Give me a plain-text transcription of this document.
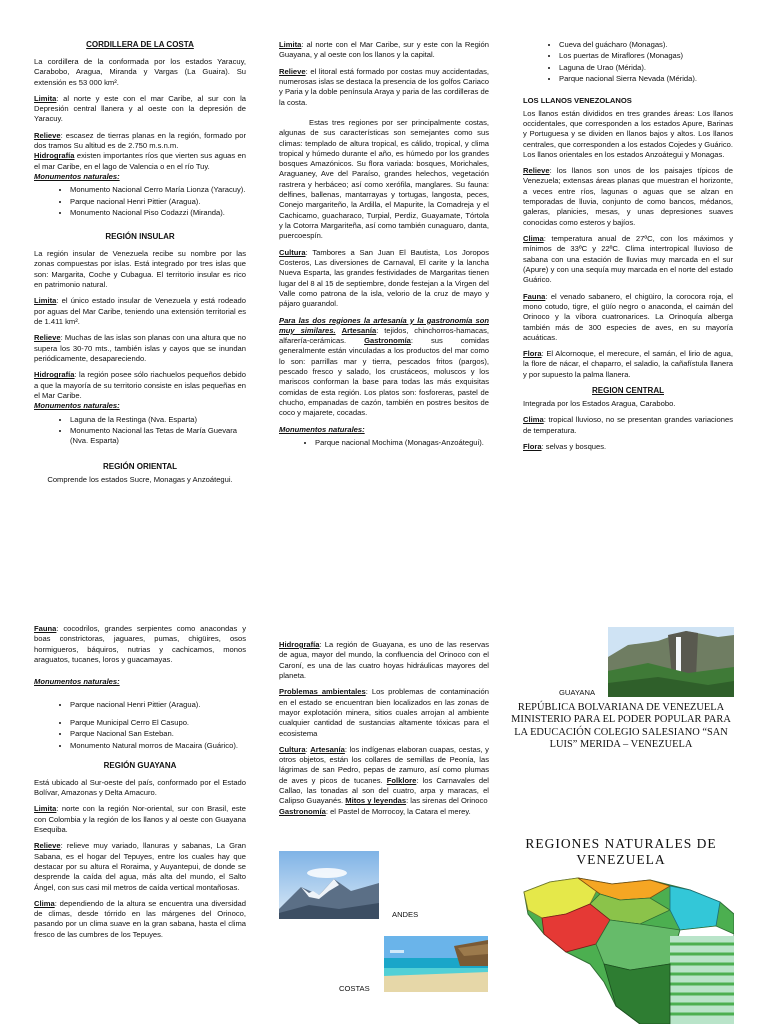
CORDILLERA DE LA COSTA

La cordillera de la conformada por los estados Yaracuy, Carabobo, Aragua, Miranda y Vargas (La Guaira). Su extensión es 53 000 km².

Limita: al norte y este con el mar Caribe, al sur con la Depresión central llanera y al oeste con la depresión de Yaracuy.

Relieve: escasez de tierras planas en la región, formado por dos tramos Su altitud es de 2.750 m.s.n.m.

Hidrografía existen importantes ríos que vierten sus aguas en el mar Caribe, en el lago de Valencia o en el río Tuy.

Monumentos naturales:
• Monumento Nacional Cerro María Lionza (Yaracuy).
• Parque nacional Henri Pittier (Aragua).
• Monumento Nacional Piso Codazzi (Miranda).
REGIÓN INSULAR

La región insular de Venezuela recibe su nombre por las zonas compuestas por islas. Está integrado por tres islas que son: Margarita, Coche y Cubagua. El territorio insular es rico en patrimonio natural.

Limita: el único estado insular de Venezuela y está rodeado por aguas del Mar Caribe, teniendo una extensión territorial es de 1.411 km².

Relieve: Muchas de las islas son planas con una altura que no supera los 30-70 mts., también islas y cayos que se inundan periódicamente, desapareciendo.

Hidrografía: la región posee sólo riachuelos pequeños debido a que la mayoría de su territorio consiste en islas pequeñas en el Mar Caribe.

Monumentos naturales:
• Laguna de la Restinga (Nva. Esparta)
• Monumento Nacional las Tetas de María Guevara (Nva. Esparta)
REGIÓN ORIENTAL

Comprende los estados Sucre, Monagas y Anzoátegui.

Limita: al norte con el Mar Caribe, sur y este con la Región Guayana, y al oeste con los llanos y la capital.

Relieve: el litoral está formado por costas muy accidentadas, numerosas islas se destaca la presencia de los golfos Cariaco y Paria y la doble península Araya y paria de las cordilleras de la costa.

Estas tres regiones por ser principalmente costas, algunas de sus características son semejantes como sus climas: templado de altura tropical, es cálido, tropical, y clima tropical y húmedo durante el año, es húmedo por los grandes bosques Amazónicos. Su flora variada: bosques, Morichales, Araguaney, Ave del Paraíso, grandes helechos, vegetación rastrera y herbáceo; así como xerófila, manglares. Su fauna: delfines, ballenas, mantarrayas y tortugas, langosta, peces, Conejo margariteño, la Ardilla, el Mapurite, la Comadreja y el Cachicamo, guacharaco, Turpial, Perdiz, Guayamate, Tórtola y la Cotorra Margariteña, así como también cunaguaro, danta, puercoespín.

Cultura: Tambores a San Juan El Bautista, Los Joropos Costeros, Las diversiones de Carnaval, El carite y la lancha Nueva Esparta, las grandes festividades de Margaritas tienen lugar del 8 al 15 de septiembre, donde festejan a la Virgen del Valle como patrona de la isla, velorio de la cruz de mayo y pájaro guarandol.

Para las dos regiones la artesanía y la gastronomía son muy similares. Artesanía: tejidos, chinchorros-hamacas, alfarería-cerámicas. Gastronomía: sus comidas generalmente están vinculadas a los productos del mar como lo son: parrillas mar y tierra, pescados fritos (pargos), pescado fresco y salado, los crustáceos, moluscos y los mariscos conforman la base para todas las más exquisitas comidas de esta región. Los platos son: fosforeras, pastel de chucho, empanadas de cazón, también en postres besitos de coco y majarete, cocadas.

Monumentos naturales:
• Parque nacional Mochima (Monagas-Anzoátegui).
• Cueva del guácharo (Monagas).
• Los puertas de Miraflores (Monagas)
• Laguna de Urao (Mérida).
• Parque nacional Sierra Nevada (Mérida).
LOS LLANOS VENEZOLANOS

Los llanos están divididos en tres grandes áreas: Los llanos occidentales, que corresponden a los estados Apure, Barinas y Portuguesa y se dividen en llanos bajos y altos. Los llanos centrales, que corresponden a los estados Cojedes y Guárico. Los llanos orientales en los estados Anzoátegui y Monagas.

Relieve: los llanos son unos de los paisajes típicos de Venezuela; extensas áreas planas que muestran el horizonte, a veces entre ríos, lagunas o aguas que se alzan en temporadas de lluvia, conjunto de como bancos, médanos, galeras, planicies, mesas, y unas depresiones suaves conocidas como esteros y bajíos.

Clima: temperatura anual de 27ºC, con los máximos y mínimos de 33ºC y 22ºC. Clima intertropical lluvioso de sabana con una estación de lluvias muy marcada en el sur (Apure) y con una sequía muy marcada en el norte del estado Guárico.

Fauna: el venado sabanero, el chigüiro, la corocora roja, el mono cotudo, tigre, el güío negro o anaconda, el caimán del Orinoco y la víbora cuatronarices. La Orinoquía alberga también más de 300 especies de aves, en su mayoría acuáticas.

Flora: El Alcornoque, el merecure, el samán, el lirio de agua, la flore de nácar, el chaparro, el saladio, la cañafístula llanera y por supuesto la palma llanera.

REGION CENTRAL

Integrada por los Estados Aragua, Carabobo.

Clima: tropical lluvioso, no se presentan grandes variaciones de temperatura.

Flora: selvas y bosques.

Fauna: cocodrilos, grandes serpientes como anacondas y boas constrictoras, jaguares, pumas, chigüires, osos hormigueros, báquiros, nutrias y cachicamos, monos araguatos, tucanes, loros y guacamayas.

Monumentos naturales:
• Parque nacional Henri Pittier (Aragua).
• Parque Municipal Cerro El Casupo.
• Parque Nacional San Esteban.
• Monumento Natural morros de Macaira (Guárico).
REGIÓN GUAYANA

Está ubicado al Sur-oeste del país, conformado por el Estado Bolívar, Amazonas y Delta Amacuro.

Limita: norte con la región Nor-oriental, sur con Brasil, este con Colombia y la región de los llanos y al oeste con Guayana Esequiba.

Relieve: relieve muy variado, llanuras y sabanas, La Gran Sabana, es el hogar del Tepuyes, entre los cuales hay que destacar por su altura el Roraima, y Auyantepui, de donde se desprende la caída del agua, más alta del mundo, el Salto Ángel, con sus casi mil metros de caída vertical montañosas.

Clima: dependiendo de la altura se encuentra una diversidad de climas, desde tórrido en las márgenes del Orinoco, pasando por un clima suave en la gran sabana, hasta el clima fresco de las cumbres de los Tepuyes.

Hidrografía: La región de Guayana, es uno de las reservas de agua, mayor del mundo, la confluencia del Orinoco con el Caroní, es una de las cuatro hoyas hidráulicas mayores del planeta.

Problemas ambientales: Los problemas de contaminación en el estado se encuentran bien localizados en las zonas de mayor explotación minera, sitios cuales arrojan al ambiente cualquier cantidad de sustancias altamente tóxicas para el ecosistema

Cultura: Artesanía: los indígenas elaboran cuapas, cestas, y otros objetos, están los collares de semillas de Peonía, las lágrimas de san Pedro, pepas de zamuro, así como plumas de aves y picos de tucanes. Folklore: los Carnavales del Callao, las tonadas al son del cuatro, arpa y maracas, el Calipso Guayanés. Mitos y leyendas: las sirenas del Orinoco

Gastronomía: el Pastel de Morrocoy, la Catara el merey.

ANDES
COSTAS
GUAYANA
REPÚBLICA BOLVARIANA DE VENEZUELA MINISTERIO PARA EL PODER POPULAR PARA LA EDUCACIÓN COLEGIO SALESIANO “SAN LUIS” MERIDA – VENEZUELA
REGIONES NATURALES DE VENEZUELA
